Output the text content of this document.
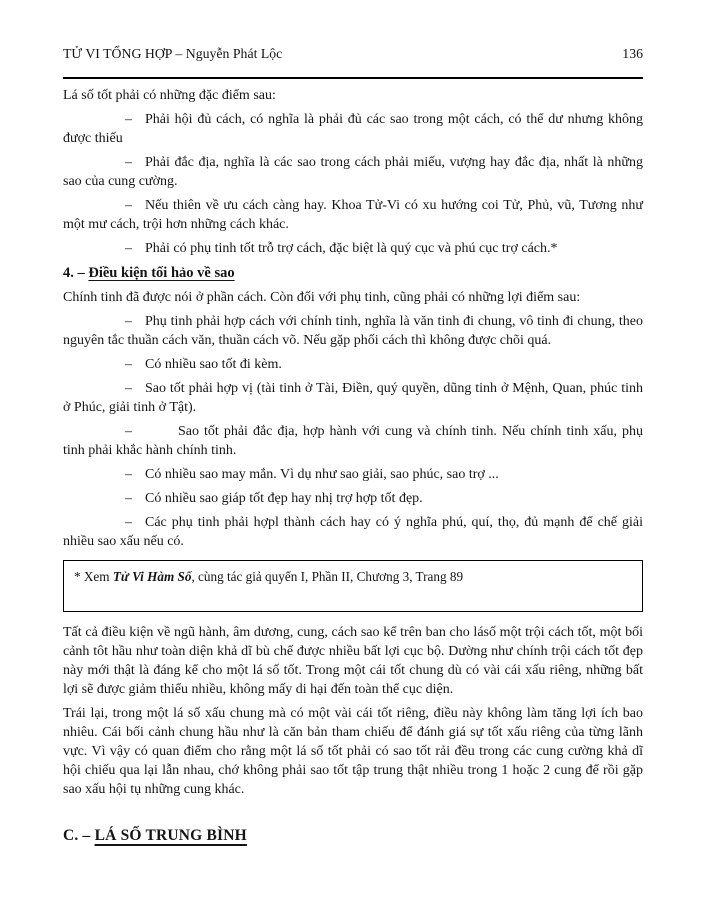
TỬ VI TỔNG HỢP – Nguyễn Phát Lộc	136

Lá số tốt phải có những đặc điểm sau:

– Phải hội đủ cách, có nghĩa là phải đủ các sao trong một cách, có thể dư nhưng không được thiếu

– Phải đắc địa, nghĩa là các sao trong cách phải miếu, vượng hay đắc địa, nhất là những sao của cung cường.

– Nếu thiên về ưu cách càng hay. Khoa Tử-Vi có xu hướng coi Tử, Phủ, vũ, Tương như một mư cách, trội hơn những cách khác.

– Phải có phụ tinh tốt trỗ trợ cách, đặc biệt là quý cục và phú cục trợ cách.*

4. – Điều kiện tối hảo về sao

Chính tinh đã được nói ở phần cách. Còn đối với phụ tinh, cũng phải có những lợi điểm sau:

– Phụ tinh phải hợp cách với chính tinh, nghĩa là văn tinh đi chung, vô tinh đi chung, theo nguyên tắc thuần cách văn, thuần cách võ. Nếu gặp phối cách thì không được chõi quá.

– Có nhiều sao tốt đi kèm.

– Sao tốt phải hợp vị (tài tinh ở Tài, Điền, quý quyền, dũng tinh ở Mệnh, Quan, phúc tinh ở Phúc, giải tinh ở Tật).

–	Sao tốt phải đắc địa, hợp hành với cung và chính tinh. Nếu chính tinh xấu, phụ tinh phải khắc hành chính tinh.

– Có nhiều sao may mắn. Vì dụ như sao giải, sao phúc, sao trợ ...

– Có nhiều sao giáp tốt đẹp hay nhị trợ hợp tốt đẹp.

– Các phụ tinh phải hợpl thành cách hay có ý nghĩa phú, quí, thọ, đủ mạnh để chế giải nhiều sao xấu nếu có.

* Xem Tử Vi Hàm Số, cùng tác giả quyển I, Phần II, Chương 3, Trang 89

Tất cả điều kiện về ngũ hành, âm dương, cung, cách sao kể trên ban cho lásố một trội cách tốt, một bối cảnh tôt hầu như toàn diện khả dĩ bù chế được nhiều bất lợi cục bộ. Dường như chính trội cách tốt đẹp này mới thật là đáng kể cho một lá số tốt. Trong một cái tốt chung dù có vài cái xấu riêng, những bất lợi sẽ được giảm thiểu nhiều, không mấy di hại đến toàn thể cục diện.

Trái lại, trong một lá số xấu chung mà có một vài cái tốt riêng, điều này không làm tăng lợi ích bao nhiêu. Cái bối cảnh chung hầu như là căn bản tham chiếu để đánh giá sự tốt xấu riêng của từng lãnh vực. Vì vậy có quan điểm cho rằng một lá số tốt phải có sao tốt rải đều trong các cung cường khả dĩ hội chiếu qua lại lẫn nhau, chớ không phải sao tốt tập trung thật nhiều trong 1 hoặc 2 cung để rồi gặp sao xấu hội tụ những cung khác.

C. – LÁ SỐ TRUNG BÌNH
